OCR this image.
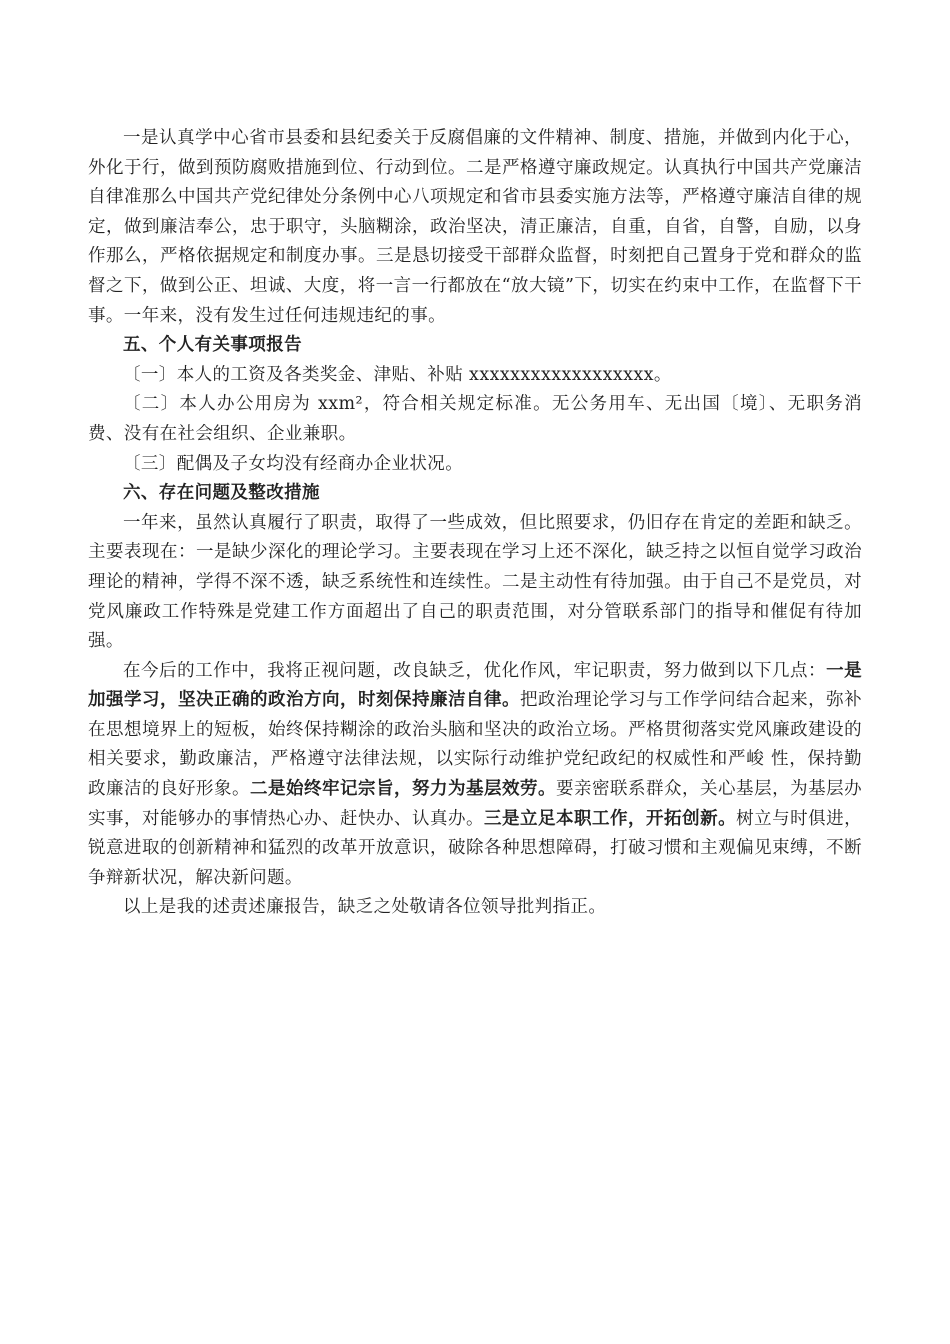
一是认真学中心省市县委和县纪委关于反腐倡廉的文件精神、制度、措施，并做到内化于心，外化于行，做到预防腐败措施到位、行动到位。二是严格遵守廉政规定。认真执行中国共产党廉洁自律准那么中国共产党纪律处分条例中心八项规定和省市县委实施方法等，严格遵守廉洁自律的规定，做到廉洁奉公，忠于职守，头脑糊涂，政治坚决，清正廉洁，自重，自省，自警，自励，以身作那么，严格依据规定和制度办事。三是恳切接受干部群众监督，时刻把自己置身于党和群众的监督之下，做到公正、坦诚、大度，将一言一行都放在“放大镜”下，切实在约束中工作，在监督下干事。一年来，没有发生过任何违规违纪的事。

五、个人有关事项报告

〔一〕本人的工资及各类奖金、津贴、补贴 xxxxxxxxxxxxxxxxxx。

〔二〕本人办公用房为 xxm²，符合相关规定标准。无公务用车、无出国〔境〕、无职务消费、没有在社会组织、企业兼职。

〔三〕配偶及子女均没有经商办企业状况。

六、存在问题及整改措施

一年来，虽然认真履行了职责，取得了一些成效，但比照要求，仍旧存在肯定的差距和缺乏。主要表现在：一是缺少深化的理论学习。主要表现在学习上还不深化，缺乏持之以恒自觉学习政治理论的精神，学得不深不透，缺乏系统性和连续性。二是主动性有待加强。由于自己不是党员，对党风廉政工作特殊是党建工作方面超出了自己的职责范围，对分管联系部门的指导和催促有待加强。

在今后的工作中，我将正视问题，改良缺乏，优化作风，牢记职责，努力做到以下几点：一是加强学习，坚决正确的政治方向，时刻保持廉洁自律。把政治理论学习与工作学问结合起来，弥补在思想境界上的短板，始终保持糊涂的政治头脑和坚决的政治立场。严格贯彻落实党风廉政建设的相关要求，勤政廉洁，严格遵守法律法规，以实际行动维护党纪政纪的权威性和严峻 性，保持勤政廉洁的良好形象。二是始终牢记宗旨，努力为基层效劳。要亲密联系群众，关心基层，为基层办实事，对能够办的事情热心办、赶快办、认真办。三是立足本职工作，开拓创新。树立与时俱进，锐意进取的创新精神和猛烈的改革开放意识，破除各种思想障碍，打破习惯和主观偏见束缚，不断争辩新状况，解决新问题。

以上是我的述责述廉报告，缺乏之处敬请各位领导批判指正。
